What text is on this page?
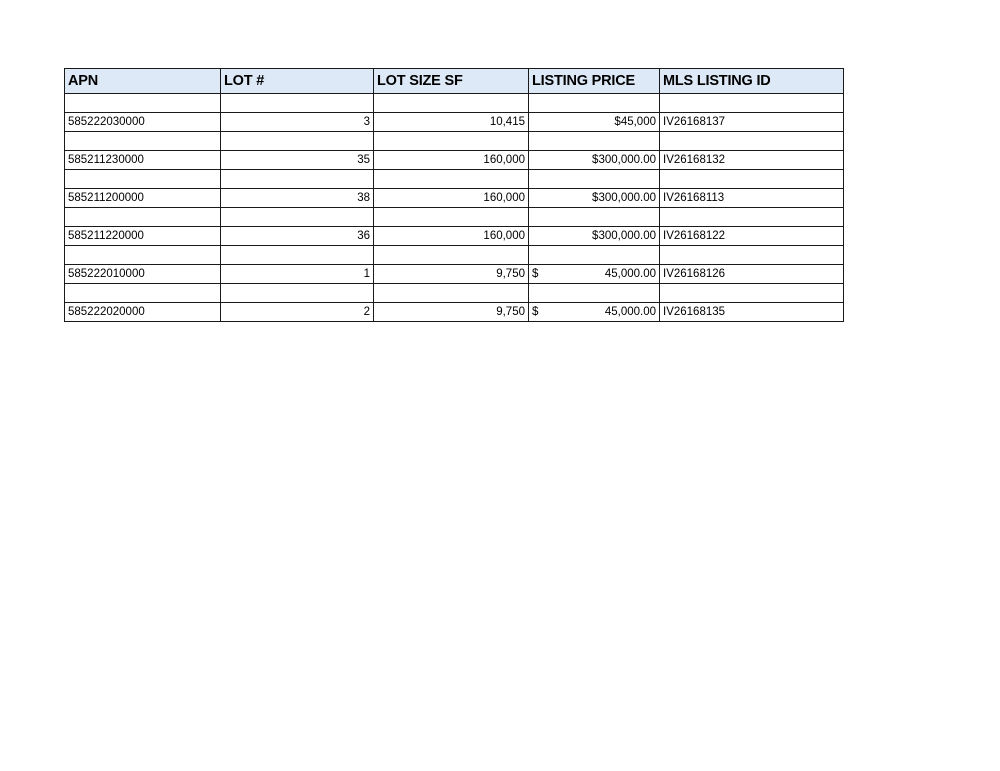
APN	LOT #	LOT SIZE SF	LISTING PRICE	MLS LISTING ID

585222030000	3	10,415	$45,000	IV26168137

585211230000	35	160,000	$300,000.00	IV26168132

585211200000	38	160,000	$300,000.00	IV26168113

585211220000	36	160,000	$300,000.00	IV26168122

585222010000	1	9,750	$ 45,000.00	IV26168126

585222020000	2	9,750	$ 45,000.00	IV26168135
